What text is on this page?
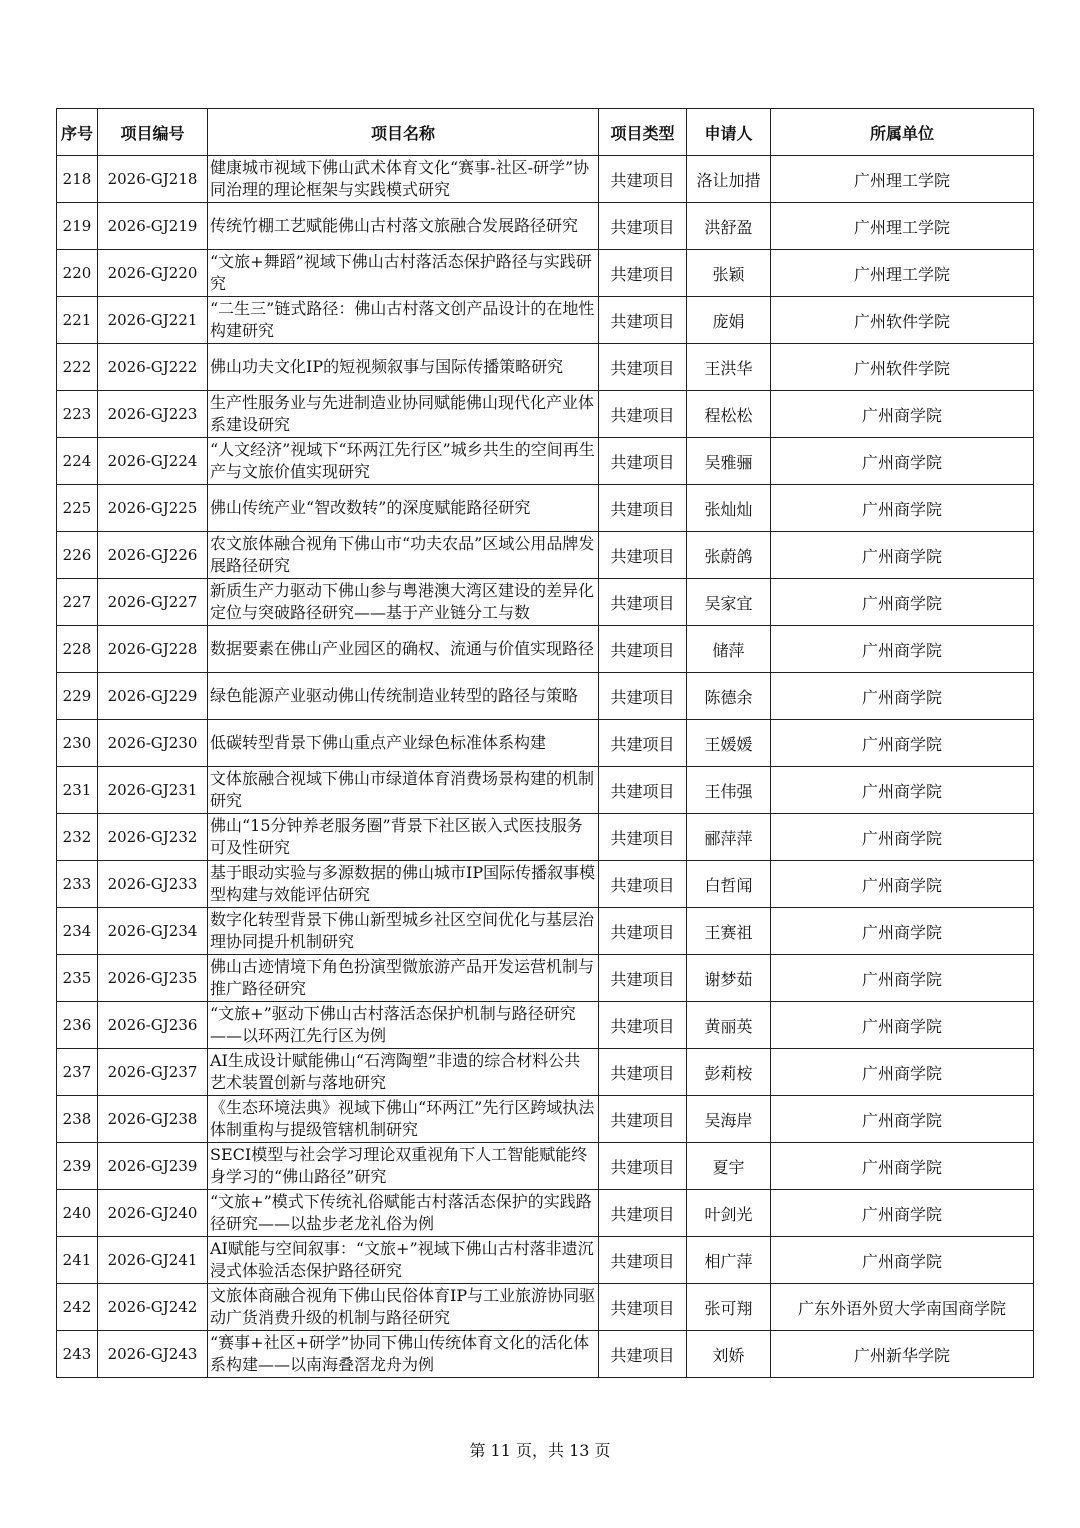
序号	项目编号	项目名称	项目类型	申请人	所属单位
218	2026-GJ218	健康城市视域下佛山武术体育文化“赛事-社区-研学”协同治理的理论框架与实践模式研究	共建项目	洛让加措	广州理工学院
219	2026-GJ219	传统竹棚工艺赋能佛山古村落文旅融合发展路径研究	共建项目	洪舒盈	广州理工学院
220	2026-GJ220	“文旅+舞蹈”视域下佛山古村落活态保护路径与实践研究	共建项目	张颖	广州理工学院
221	2026-GJ221	“二生三”链式路径：佛山古村落文创产品设计的在地性构建研究	共建项目	庞娟	广州软件学院
222	2026-GJ222	佛山功夫文化IP的短视频叙事与国际传播策略研究	共建项目	王洪华	广州软件学院
223	2026-GJ223	生产性服务业与先进制造业协同赋能佛山现代化产业体系建设研究	共建项目	程松松	广州商学院
224	2026-GJ224	“人文经济”视域下“环两江先行区”城乡共生的空间再生产与文旅价值实现研究	共建项目	吴雅骊	广州商学院
225	2026-GJ225	佛山传统产业“智改数转”的深度赋能路径研究	共建项目	张灿灿	广州商学院
226	2026-GJ226	农文旅体融合视角下佛山市“功夫农品”区域公用品牌发展路径研究	共建项目	张蔚鸽	广州商学院
227	2026-GJ227	新质生产力驱动下佛山参与粤港澳大湾区建设的差异化定位与突破路径研究——基于产业链分工与数	共建项目	吴家宜	广州商学院
228	2026-GJ228	数据要素在佛山产业园区的确权、流通与价值实现路径	共建项目	储萍	广州商学院
229	2026-GJ229	绿色能源产业驱动佛山传统制造业转型的路径与策略	共建项目	陈德余	广州商学院
230	2026-GJ230	低碳转型背景下佛山重点产业绿色标准体系构建	共建项目	王媛媛	广州商学院
231	2026-GJ231	文体旅融合视域下佛山市绿道体育消费场景构建的机制研究	共建项目	王伟强	广州商学院
232	2026-GJ232	佛山“15分钟养老服务圈”背景下社区嵌入式医技服务可及性研究	共建项目	郦萍萍	广州商学院
233	2026-GJ233	基于眼动实验与多源数据的佛山城市IP国际传播叙事模型构建与效能评估研究	共建项目	白哲闻	广州商学院
234	2026-GJ234	数字化转型背景下佛山新型城乡社区空间优化与基层治理协同提升机制研究	共建项目	王赛祖	广州商学院
235	2026-GJ235	佛山古迹情境下角色扮演型微旅游产品开发运营机制与推广路径研究	共建项目	谢梦茹	广州商学院
236	2026-GJ236	“文旅+”驱动下佛山古村落活态保护机制与路径研究——以环两江先行区为例	共建项目	黄丽英	广州商学院
237	2026-GJ237	AI生成设计赋能佛山“石湾陶塑”非遗的综合材料公共艺术装置创新与落地研究	共建项目	彭莉桉	广州商学院
238	2026-GJ238	《生态环境法典》视域下佛山“环两江”先行区跨域执法体制重构与提级管辖机制研究	共建项目	吴海岸	广州商学院
239	2026-GJ239	SECI模型与社会学习理论双重视角下人工智能赋能终身学习的“佛山路径”研究	共建项目	夏宇	广州商学院
240	2026-GJ240	“文旅+”模式下传统礼俗赋能古村落活态保护的实践路径研究——以盐步老龙礼俗为例	共建项目	叶剑光	广州商学院
241	2026-GJ241	AI赋能与空间叙事：“文旅+”视域下佛山古村落非遗沉浸式体验活态保护路径研究	共建项目	相广萍	广州商学院
242	2026-GJ242	文旅体商融合视角下佛山民俗体育IP与工业旅游协同驱动广货消费升级的机制与路径研究	共建项目	张可翔	广东外语外贸大学南国商学院
243	2026-GJ243	“赛事+社区+研学”协同下佛山传统体育文化的活化体系构建——以南海叠滘龙舟为例	共建项目	刘娇	广州新华学院
第 11 页，共 13 页
